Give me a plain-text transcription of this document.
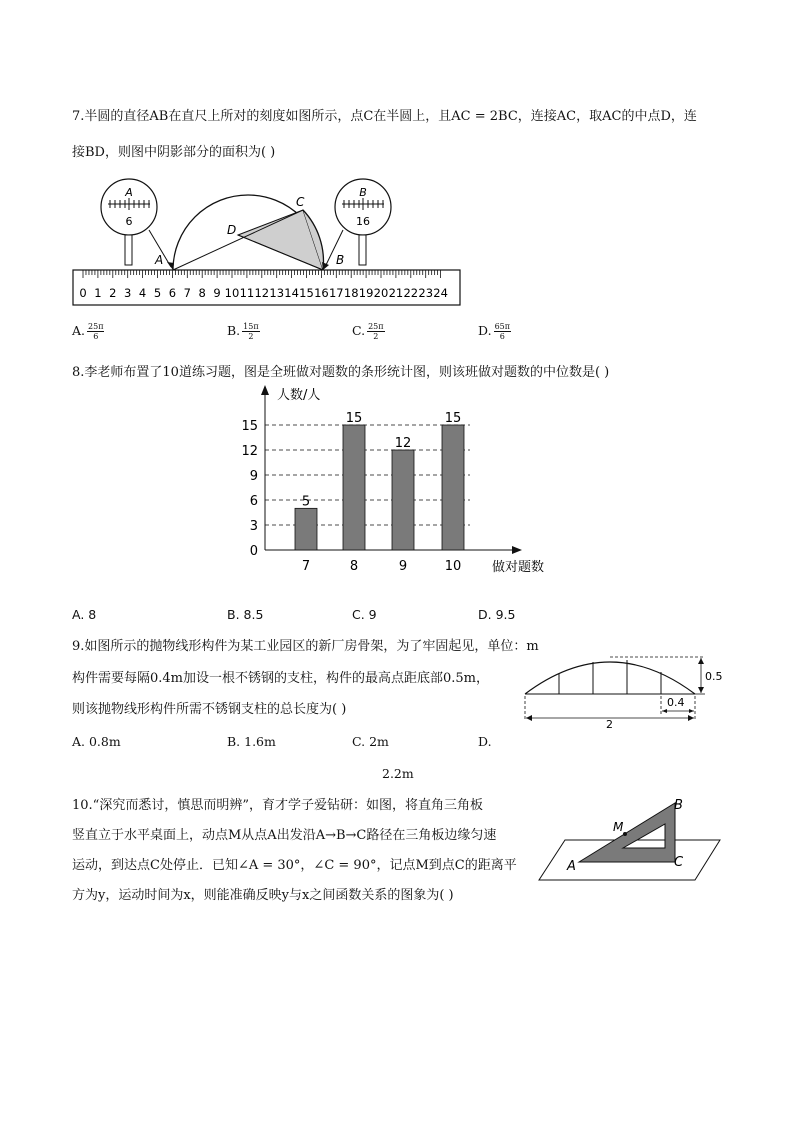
7.半圆的直径AB在直尺上所对的刻度如图所示，点C在半圆上，且AC = 2BC，连接AC，取AC的中点D，连
接BD，则图中阴影部分的面积为( )
A
6
B
16
A	B
C
D
0 1 2 3 4 5 6 7 8 9 10 11 12 13 14 15 16 17 18 19 20 21 22 23 24
A. $\frac{25\pi}{6}$	B. $\frac{15\pi}{2}$	C. $\frac{25\pi}{2}$	D. $\frac{65\pi}{6}$
8.李老师布置了10道练习题，图是全班做对题数的条形统计图，则该班做对题数的中位数是( )
人数/人
做对题数
0
3
6
9
12
15
7	8	9	10
5
15
12
15
A. 8	B. 8.5	C. 9	D. 9.5
9.如图所示的抛物线形构件为某工业园区的新厂房骨架，为了牢固起见，单位：m
构件需要每隔0.4m加设一根不锈钢的支柱，构件的最高点距底部0.5m，
则该抛物线形构件所需不锈钢支柱的总长度为( )
0.5
0.4
2
A. 0.8m	B. 1.6m	C. 2m	D.
2.2m
10.“深究而悉讨，慎思而明辨”，育才学子爱钻研：如图，将直角三角板
竖直立于水平桌面上，动点M从点A出发沿A→B→C路径在三角板边缘匀速
运动，到达点C处停止．已知∠A = 30°，∠C = 90°，记点M到点C的距离平
方为y，运动时间为x，则能准确反映y与x之间函数关系的图象为( )
M
A
B
C
